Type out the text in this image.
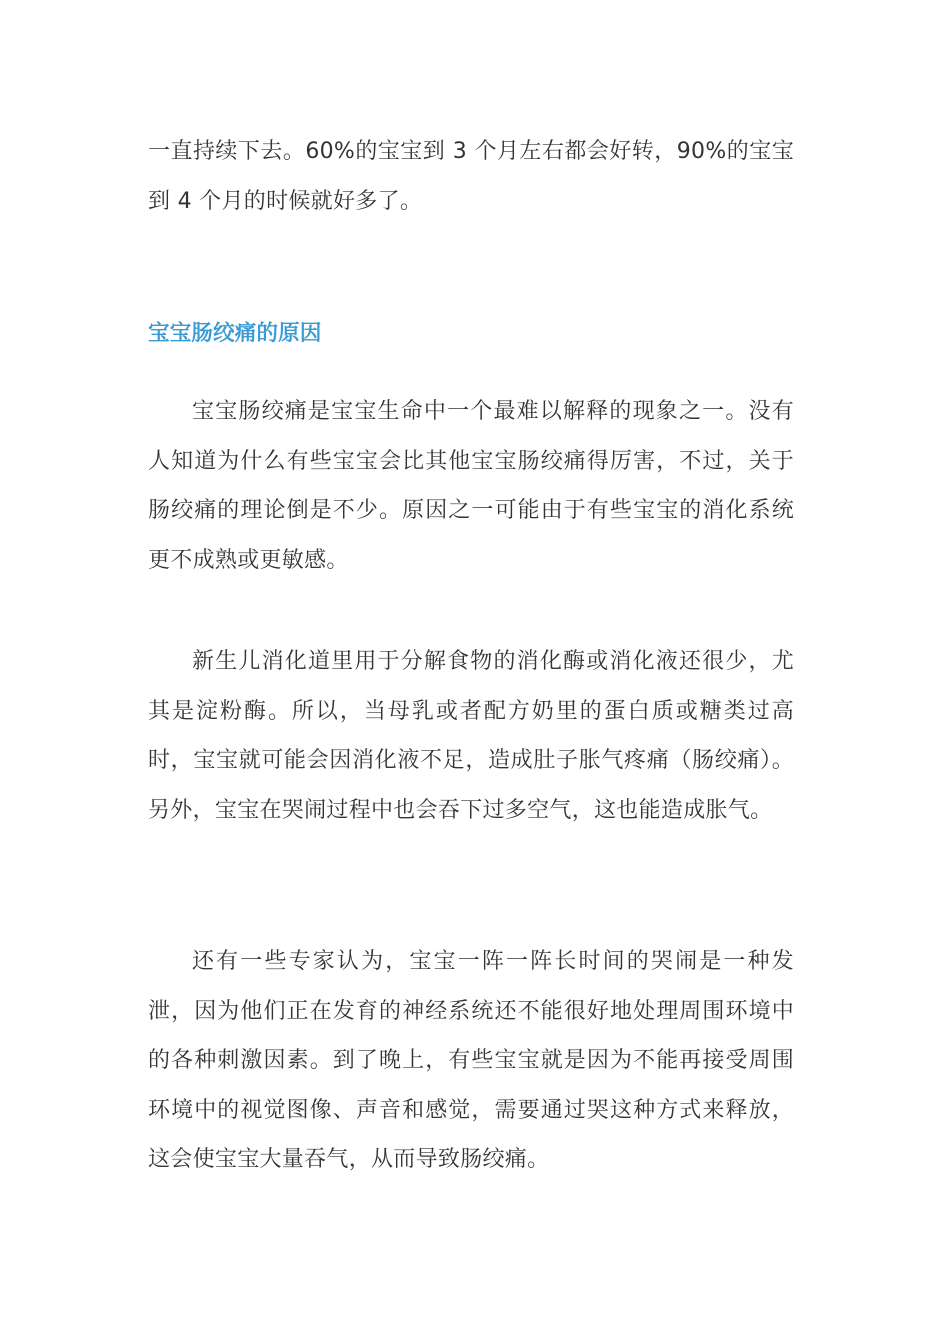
一直持续下去。60%的宝宝到 3 个月左右都会好转，90%的宝宝到 4 个月的时候就好多了。

宝宝肠绞痛的原因

宝宝肠绞痛是宝宝生命中一个最难以解释的现象之一。没有人知道为什么有些宝宝会比其他宝宝肠绞痛得厉害，不过，关于肠绞痛的理论倒是不少。原因之一可能由于有些宝宝的消化系统更不成熟或更敏感。

新生儿消化道里用于分解食物的消化酶或消化液还很少，尤其是淀粉酶。所以，当母乳或者配方奶里的蛋白质或糖类过高时，宝宝就可能会因消化液不足，造成肚子胀气疼痛（肠绞痛）。另外，宝宝在哭闹过程中也会吞下过多空气，这也能造成胀气。

还有一些专家认为，宝宝一阵一阵长时间的哭闹是一种发泄，因为他们正在发育的神经系统还不能很好地处理周围环境中的各种刺激因素。到了晚上，有些宝宝就是因为不能再接受周围环境中的视觉图像、声音和感觉，需要通过哭这种方式来释放，这会使宝宝大量吞气，从而导致肠绞痛。
